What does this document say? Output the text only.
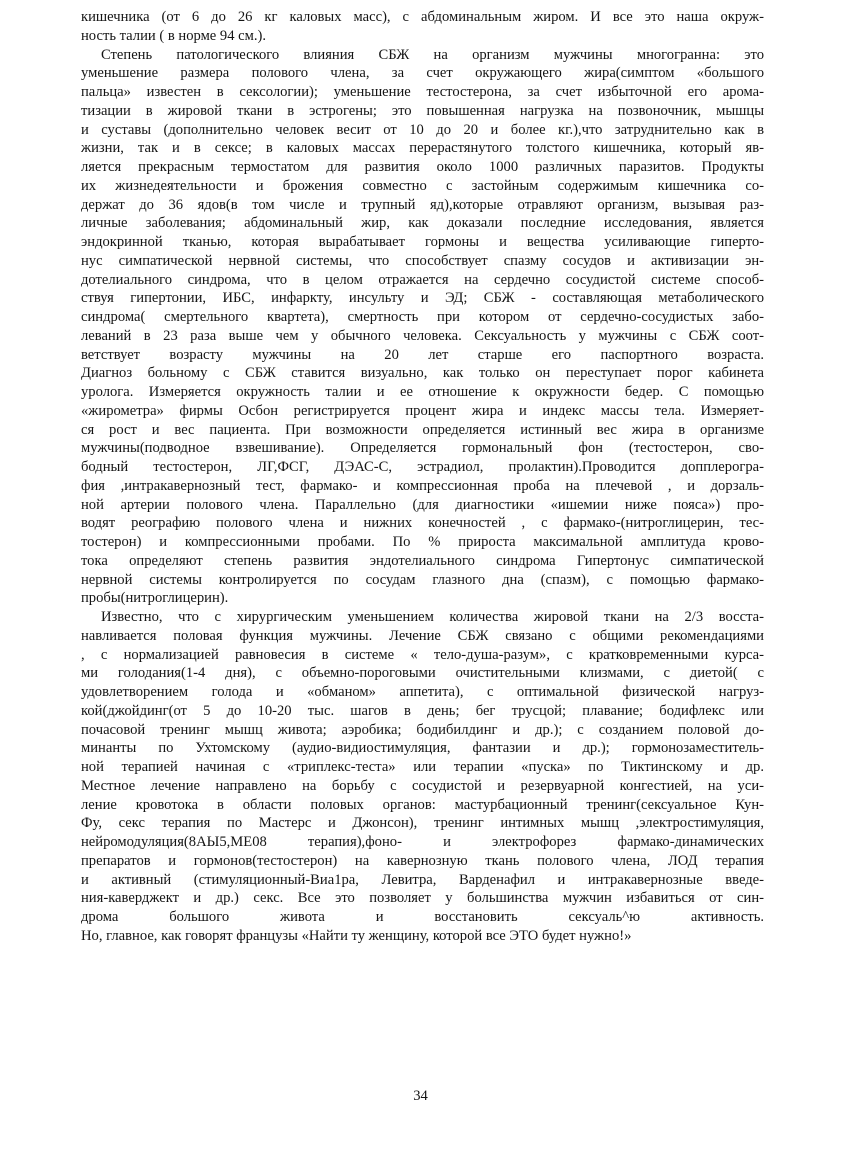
кишечника (от 6 до 26 кг каловых масс), с абдоминальным жиром. И все это наша окруж-
ность талии ( в норме 94 см.).
Степень патологического влияния СБЖ на организм мужчины многогранна: это
уменьшение размера полового члена, за счет окружающего жира(симптом «большого
пальца» известен в сексологии); уменьшение тестостерона, за счет избыточной его арома-
тизации в жировой ткани в эстрогены; это повышенная нагрузка на позвоночник, мышцы
и суставы (дополнительно человек весит от 10 до 20 и более кг.),что затруднительно как в
жизни, так и в сексе; в каловых массах перерастянутого толстого кишечника, который яв-
ляется прекрасным термостатом для развития около 1000 различных паразитов. Продукты
их жизнедеятельности и брожения совместно с застойным содержимым кишечника со-
держат до 36 ядов(в том числе и трупный яд),которые отравляют организм, вызывая раз-
личные заболевания; абдоминальный жир, как доказали последние исследования, является
эндокринной тканью, которая вырабатывает гормоны и вещества усиливающие гиперто-
нус симпатической нервной системы, что способствует спазму сосудов и активизации эн-
дотелиального синдрома, что в целом отражается на сердечно сосудистой системе способ-
ствуя гипертонии, ИБС, инфаркту, инсульту и ЭД; СБЖ - составляющая метаболического
синдрома( смертельного квартета), смертность при котором от сердечно-сосудистых забо-
леваний в 23 раза выше чем у обычного человека. Сексуальность у мужчины с СБЖ соот-
ветствует возрасту мужчины на 20 лет старше его паспортного возраста.
Диагноз больному с СБЖ ставится визуально, как только он переступает порог кабинета
уролога. Измеряется окружность талии и ее отношение к окружности бедер. С помощью
«жирометра» фирмы Осбон регистрируется процент жира и индекс массы тела. Измеряет-
ся рост и вес пациента. При возможности определяется истинный вес жира в организме
мужчины(подводное взвешивание). Определяется гормональный фон (тестостерон, сво-
бодный тестостерон, ЛГ,ФСГ, ДЭАС-С, эстрадиол, пролактин).Проводится допплерогра-
фия ,интракавернозный тест, фармако- и компрессионная проба на плечевой , и дорзаль-
ной артерии полового члена. Параллельно (для диагностики «ишемии ниже пояса») про-
водят реографию полового члена и нижних конечностей , с фармако-(нитроглицерин, тес-
тостерон) и компрессионными пробами. По % прироста максимальной амплитуда крово-
тока определяют степень развития эндотелиального синдрома Гипертонус симпатической
нервной системы контролируется по сосудам глазного дна (спазм), с помощью фармако-
пробы(нитроглицерин).
Известно, что с хирургическим уменьшением количества жировой ткани на 2/3 восста-
навливается половая функция мужчины. Лечение СБЖ связано с общими рекомендациями
, с нормализацией равновесия в системе « тело-душа-разум», с кратковременными курса-
ми голодания(1-4 дня), с объемно-пороговыми очистительными клизмами, с диетой( с
удовлетворением голода и «обманом» аппетита), с оптимальной физической нагруз-
кой(джойдинг(от 5 до 10-20 тыс. шагов в день; бег трусцой; плавание; бодифлекс или
почасовой тренинг мышц живота; аэробика; бодибилдинг и др.); с созданием половой до-
минанты по Ухтомскому (аудио-видиостимуляция, фантазии и др.); гормонозаместитель-
ной терапией начиная с «триплекс-теста» или терапии «пуска» по Тиктинскому и др.
Местное лечение направлено на борьбу с сосудистой и резервуарной конгестией, на уси-
ление кровотока в области половых органов: мастурбационный тренинг(сексуальное Кун-
Фу, секс терапия по Мастерс и Джонсон), тренинг интимных мышц ,электростимуляция,
нейромодуляция(8АЫ5,МЕ08 терапия),фоно- и электрофорез фармако-динамических
препаратов и гормонов(тестостерон) на кавернозную ткань полового члена, ЛОД терапия
и активный (стимуляционный-Виа1ра, Левитра, Варденафил и интракавернозные введе-
ния-каверджект и др.) секс. Все это позволяет у большинства мужчин избавиться от син-
дрома большого живота и восстановить сексуаль^ю активность.
Но, главное, как говорят французы «Найти ту женщину, которой все ЭТО будет нужно!»
34
